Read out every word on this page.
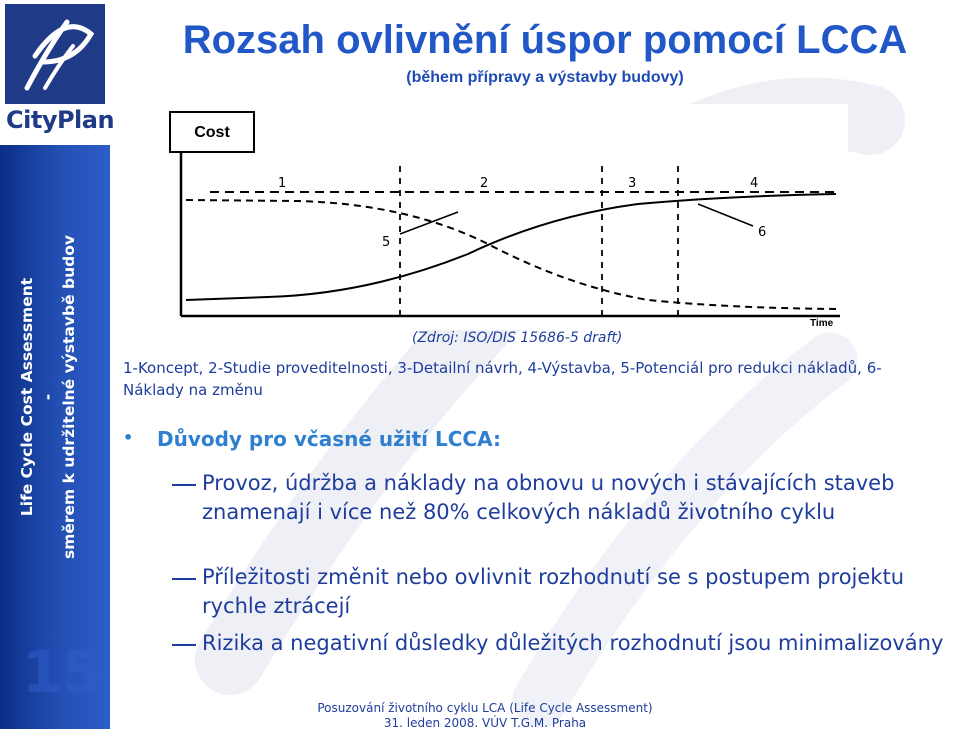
CityPlan
Life Cycle Cost Assessment - směrem k udržitelné výstavbě budov
15
Rozsah ovlivnění úspor pomocí LCCA
(během přípravy a výstavby budovy)
Cost
Time
1	2	3	4
5
6
(Zdroj: ISO/DIS 15686-5 draft)
1-Koncept, 2-Studie proveditelnosti, 3-Detailní návrh, 4-Výstavba, 5-Potenciál pro redukci nákladů, 6-Náklady na změnu
• Důvody pro včasné užití LCCA:
Provoz, údržba a náklady na obnovu u nových i stávajících staveb znamenají i více než 80% celkových nákladů životního cyklu
Příležitosti změnit nebo ovlivnit rozhodnutí se s postupem projektu rychle ztrácejí
Rizika a negativní důsledky důležitých rozhodnutí jsou minimalizovány
Posuzování životního cyklu LCA (Life Cycle Assessment)
31. leden 2008. VÚV T.G.M. Praha
